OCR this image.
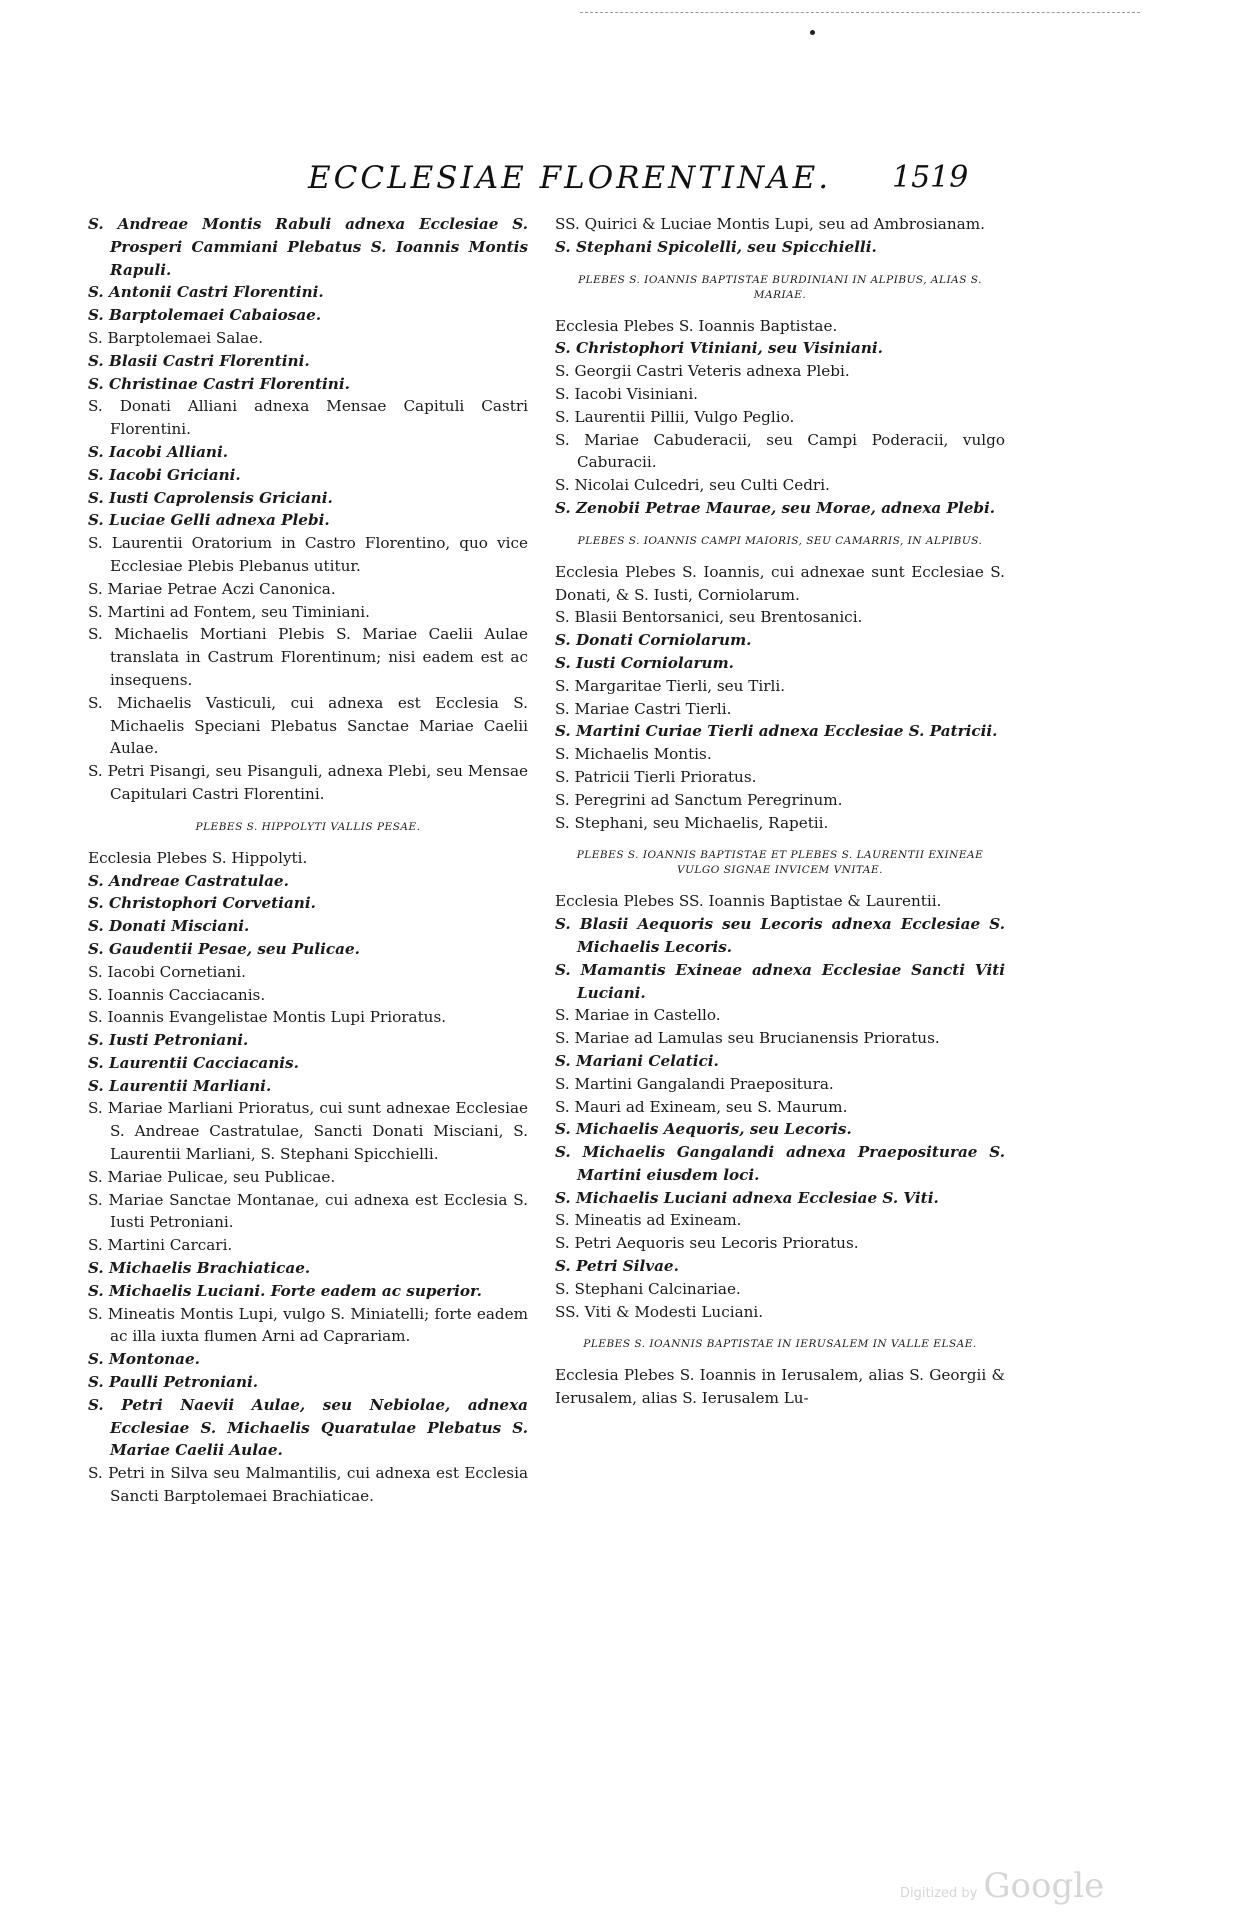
ECCLESIAE FLORENTINAE. 1519

S. Andreae Montis Rabuli adnexa Ecclesiae S. Prosperi Cammiani Plebatus S. Ioannis Montis Rapuli.

S. Antonii Castri Florentini.

S. Barptolemaei Cabaiosae.

S. Barptolemaei Salae.

S. Blasii Castri Florentini.

S. Christinae Castri Florentini.

S. Donati Alliani adnexa Mensae Capituli Castri Florentini.

S. Iacobi Alliani.

S. Iacobi Griciani.

S. Iusti Caprolensis Griciani.

S. Luciae Gelli adnexa Plebi.

S. Laurentii Oratorium in Castro Florentino, quo vice Ecclesiae Plebis Plebanus utitur.

S. Mariae Petrae Aczi Canonica.

S. Martini ad Fontem, seu Timiniani.

S. Michaelis Mortiani Plebis S. Mariae Caelii Aulae translata in Castrum Florentinum; nisi eadem est ac insequens.

S. Michaelis Vasticuli, cui adnexa est Ecclesia S. Michaelis Speciani Plebatus Sanctae Mariae Caelii Aulae.

S. Petri Pisangi, seu Pisanguli, adnexa Plebi, seu Mensae Capitulari Castri Florentini.

PLEBES S. HIPPOLYTI VALLIS PESAE.

Ecclesia Plebes S. Hippolyti.

S. Andreae Castratulae.

S. Christophori Corvetiani.

S. Donati Misciani.

S. Gaudentii Pesae, seu Pulicae.

S. Iacobi Cornetiani.

S. Ioannis Cacciacanis.

S. Ioannis Evangelistae Montis Lupi Prioratus.

S. Iusti Petroniani.

S. Laurentii Cacciacanis.

S. Laurentii Marliani.

S. Mariae Marliani Prioratus, cui sunt adnexae Ecclesiae S. Andreae Castratulae, Sancti Donati Misciani, S. Laurentii Marliani, S. Stephani Spicchielli.

S. Mariae Pulicae, seu Publicae.

S. Mariae Sanctae Montanae, cui adnexa est Ecclesia S. Iusti Petroniani.

S. Martini Carcari.

S. Michaelis Brachiaticae.

S. Michaelis Luciani. Forte eadem ac superior.

S. Mineatis Montis Lupi, vulgo S. Miniatelli; forte eadem ac illa iuxta flumen Arni ad Caprariam.

S. Montonae.

S. Paulli Petroniani.

S. Petri Naevii Aulae, seu Nebiolae, adnexa Ecclesiae S. Michaelis Quaratulae Plebatus S. Mariae Caelii Aulae.

S. Petri in Silva seu Malmantilis, cui adnexa est Ecclesia Sancti Barptolemaei Brachiaticae.

SS. Quirici & Luciae Montis Lupi, seu ad Ambrosianam.

S. Stephani Spicolelli, seu Spicchielli.

PLEBES S. IOANNIS BAPTISTAE BURDINIANI IN ALPIBUS, ALIAS S. MARIAE.

Ecclesia Plebes S. Ioannis Baptistae.

S. Christophori Vtiniani, seu Visiniani.

S. Georgii Castri Veteris adnexa Plebi.

S. Iacobi Visiniani.

S. Laurentii Pillii, Vulgo Peglio.

S. Mariae Cabuderacii, seu Campi Poderacii, vulgo Caburacii.

S. Nicolai Culcedri, seu Culti Cedri.

S. Zenobii Petrae Maurae, seu Morae, adnexa Plebi.

PLEBES S. IOANNIS CAMPI MAIORIS, SEU CAMARRIS, IN ALPIBUS.

Ecclesia Plebes S. Ioannis, cui adnexae sunt Ecclesiae S. Donati, & S. Iusti, Corniolarum.

S. Blasii Bentorsanici, seu Brentosanici.

S. Donati Corniolarum.

S. Iusti Corniolarum.

S. Margaritae Tierli, seu Tirli.

S. Mariae Castri Tierli.

S. Martini Curiae Tierli adnexa Ecclesiae S. Patricii.

S. Michaelis Montis.

S. Patricii Tierli Prioratus.

S. Peregrini ad Sanctum Peregrinum.

S. Stephani, seu Michaelis, Rapetii.

PLEBES S. IOANNIS BAPTISTAE ET PLEBES S. LAURENTII EXINEAE VULGO SIGNAE INVICEM VNITAE.

Ecclesia Plebes SS. Ioannis Baptistae & Laurentii.

S. Blasii Aequoris seu Lecoris adnexa Ecclesiae S. Michaelis Lecoris.

S. Mamantis Exineae adnexa Ecclesiae Sancti Viti Luciani.

S. Mariae in Castello.

S. Mariae ad Lamulas seu Brucianensis Prioratus.

S. Mariani Celatici.

S. Martini Gangalandi Praepositura.

S. Mauri ad Exineam, seu S. Maurum.

S. Michaelis Aequoris, seu Lecoris.

S. Michaelis Gangalandi adnexa Praepositurae S. Martini eiusdem loci.

S. Michaelis Luciani adnexa Ecclesiae S. Viti.

S. Mineatis ad Exineam.

S. Petri Aequoris seu Lecoris Prioratus.

S. Petri Silvae.

S. Stephani Calcinariae.

SS. Viti & Modesti Luciani.

PLEBES S. IOANNIS BAPTISTAE IN IERUSALEM IN VALLE ELSAE.

Ecclesia Plebes S. Ioannis in Ierusalem, alias S. Georgii & Ierusalem, alias S. Ierusalem Lu-

Digitized by Google
